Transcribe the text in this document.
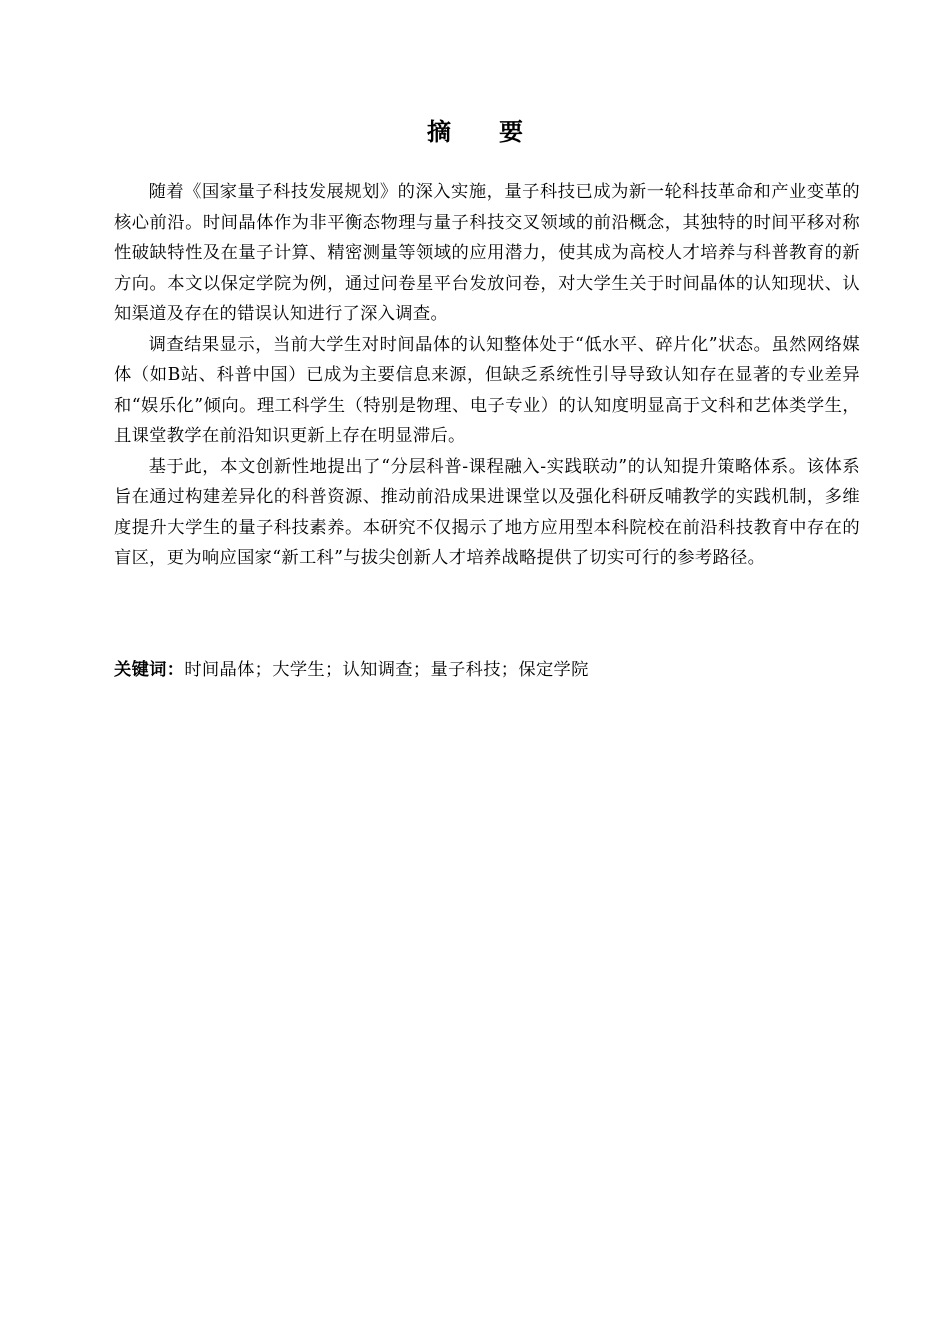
摘 要

随着《国家量子科技发展规划》的深入实施，量子科技已成为新一轮科技革命和产业变革的核心前沿。时间晶体作为非平衡态物理与量子科技交叉领域的前沿概念，其独特的时间平移对称性破缺特性及在量子计算、精密测量等领域的应用潜力，使其成为高校人才培养与科普教育的新方向。本文以保定学院为例，通过问卷星平台发放问卷，对大学生关于时间晶体的认知现状、认知渠道及存在的错误认知进行了深入调查。

调查结果显示，当前大学生对时间晶体的认知整体处于“低水平、碎片化”状态。虽然网络媒体（如B站、科普中国）已成为主要信息来源，但缺乏系统性引导导致认知存在显著的专业差异和“娱乐化”倾向。理工科学生（特别是物理、电子专业）的认知度明显高于文科和艺体类学生，且课堂教学在前沿知识更新上存在明显滞后。

基于此，本文创新性地提出了“分层科普-课程融入-实践联动”的认知提升策略体系。该体系旨在通过构建差异化的科普资源、推动前沿成果进课堂以及强化科研反哺教学的实践机制，多维度提升大学生的量子科技素养。本研究不仅揭示了地方应用型本科院校在前沿科技教育中存在的盲区，更为响应国家“新工科”与拔尖创新人才培养战略提供了切实可行的参考路径。

关键词：时间晶体；大学生；认知调查；量子科技；保定学院
